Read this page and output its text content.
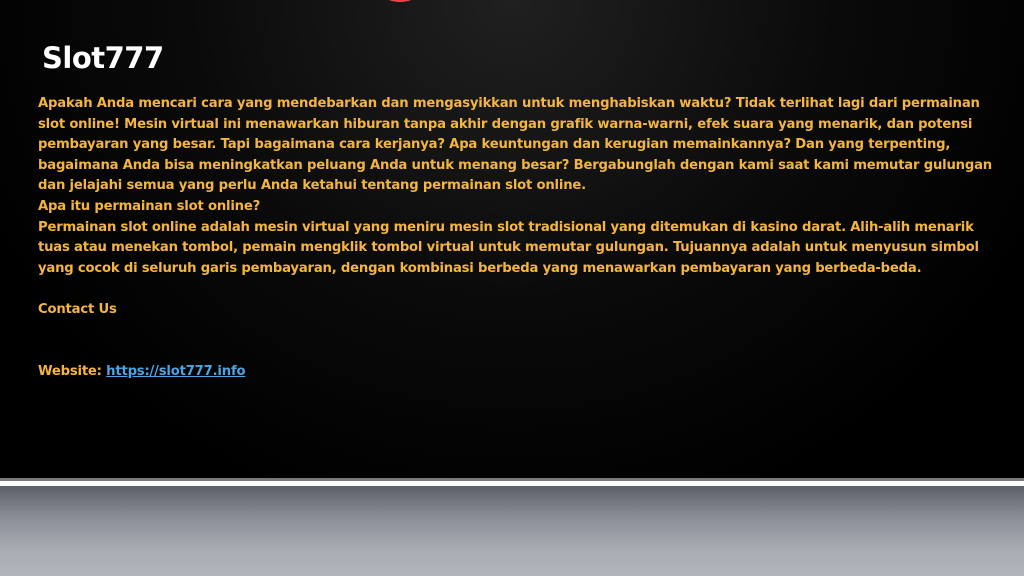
Slot777

Apakah Anda mencari cara yang mendebarkan dan mengasyikkan untuk menghabiskan waktu? Tidak terlihat lagi dari permainan slot online! Mesin virtual ini menawarkan hiburan tanpa akhir dengan grafik warna-warni, efek suara yang menarik, dan potensi pembayaran yang besar. Tapi bagaimana cara kerjanya? Apa keuntungan dan kerugian memainkannya? Dan yang terpenting, bagaimana Anda bisa meningkatkan peluang Anda untuk menang besar? Bergabunglah dengan kami saat kami memutar gulungan dan jelajahi semua yang perlu Anda ketahui tentang permainan slot online.

Apa itu permainan slot online?

Permainan slot online adalah mesin virtual yang meniru mesin slot tradisional yang ditemukan di kasino darat. Alih-alih menarik tuas atau menekan tombol, pemain mengklik tombol virtual untuk memutar gulungan. Tujuannya adalah untuk menyusun simbol yang cocok di seluruh garis pembayaran, dengan kombinasi berbeda yang menawarkan pembayaran yang berbeda-beda.

Contact Us

Website: https://slot777.info
